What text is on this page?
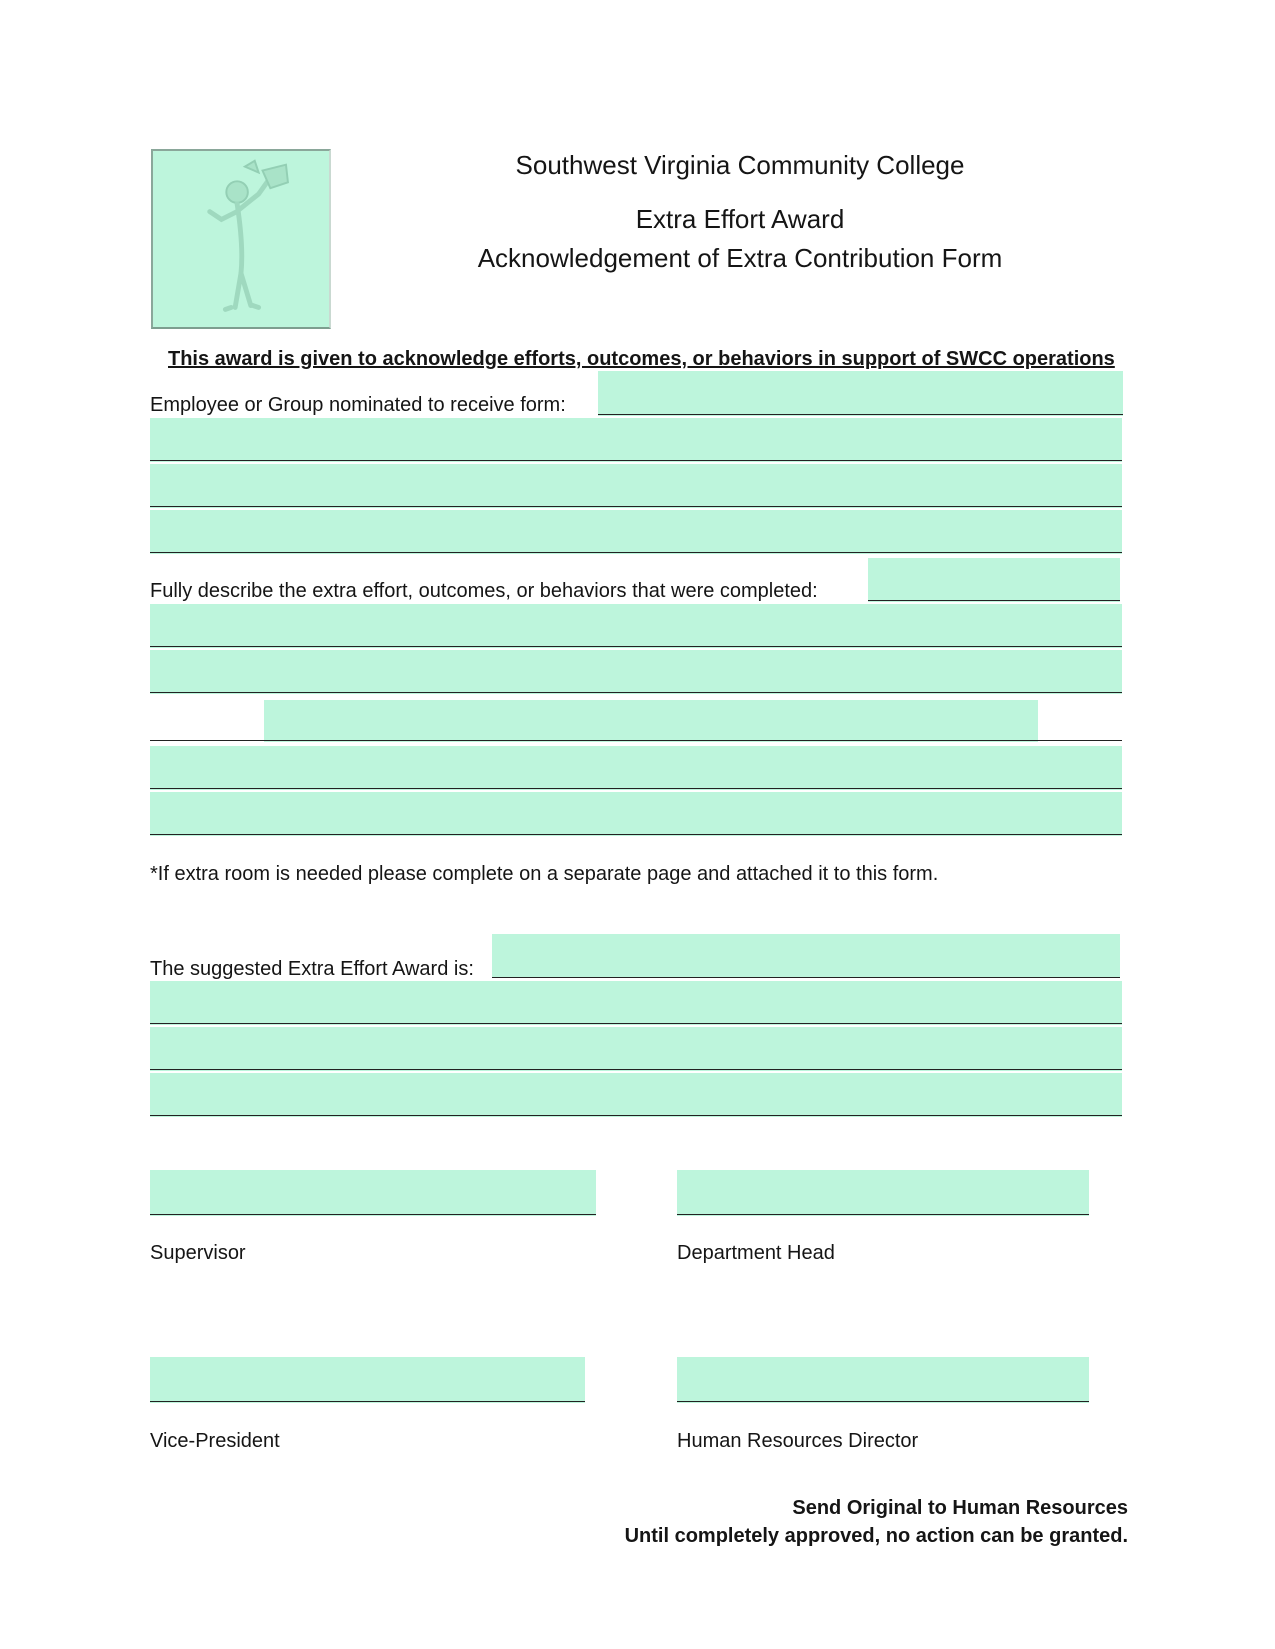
Southwest Virginia Community College
Extra Effort Award
Acknowledgement of Extra Contribution Form
This award is given to acknowledge efforts, outcomes, or behaviors in support of SWCC operations
Employee or Group nominated to receive form:
Fully describe the extra effort, outcomes, or behaviors that were completed:
*If extra room is needed please complete on a separate page and attached it to this form.
The suggested Extra Effort Award is:
Supervisor	Department Head
Vice-President	Human Resources Director
Send Original to Human Resources
Until completely approved, no action can be granted.
